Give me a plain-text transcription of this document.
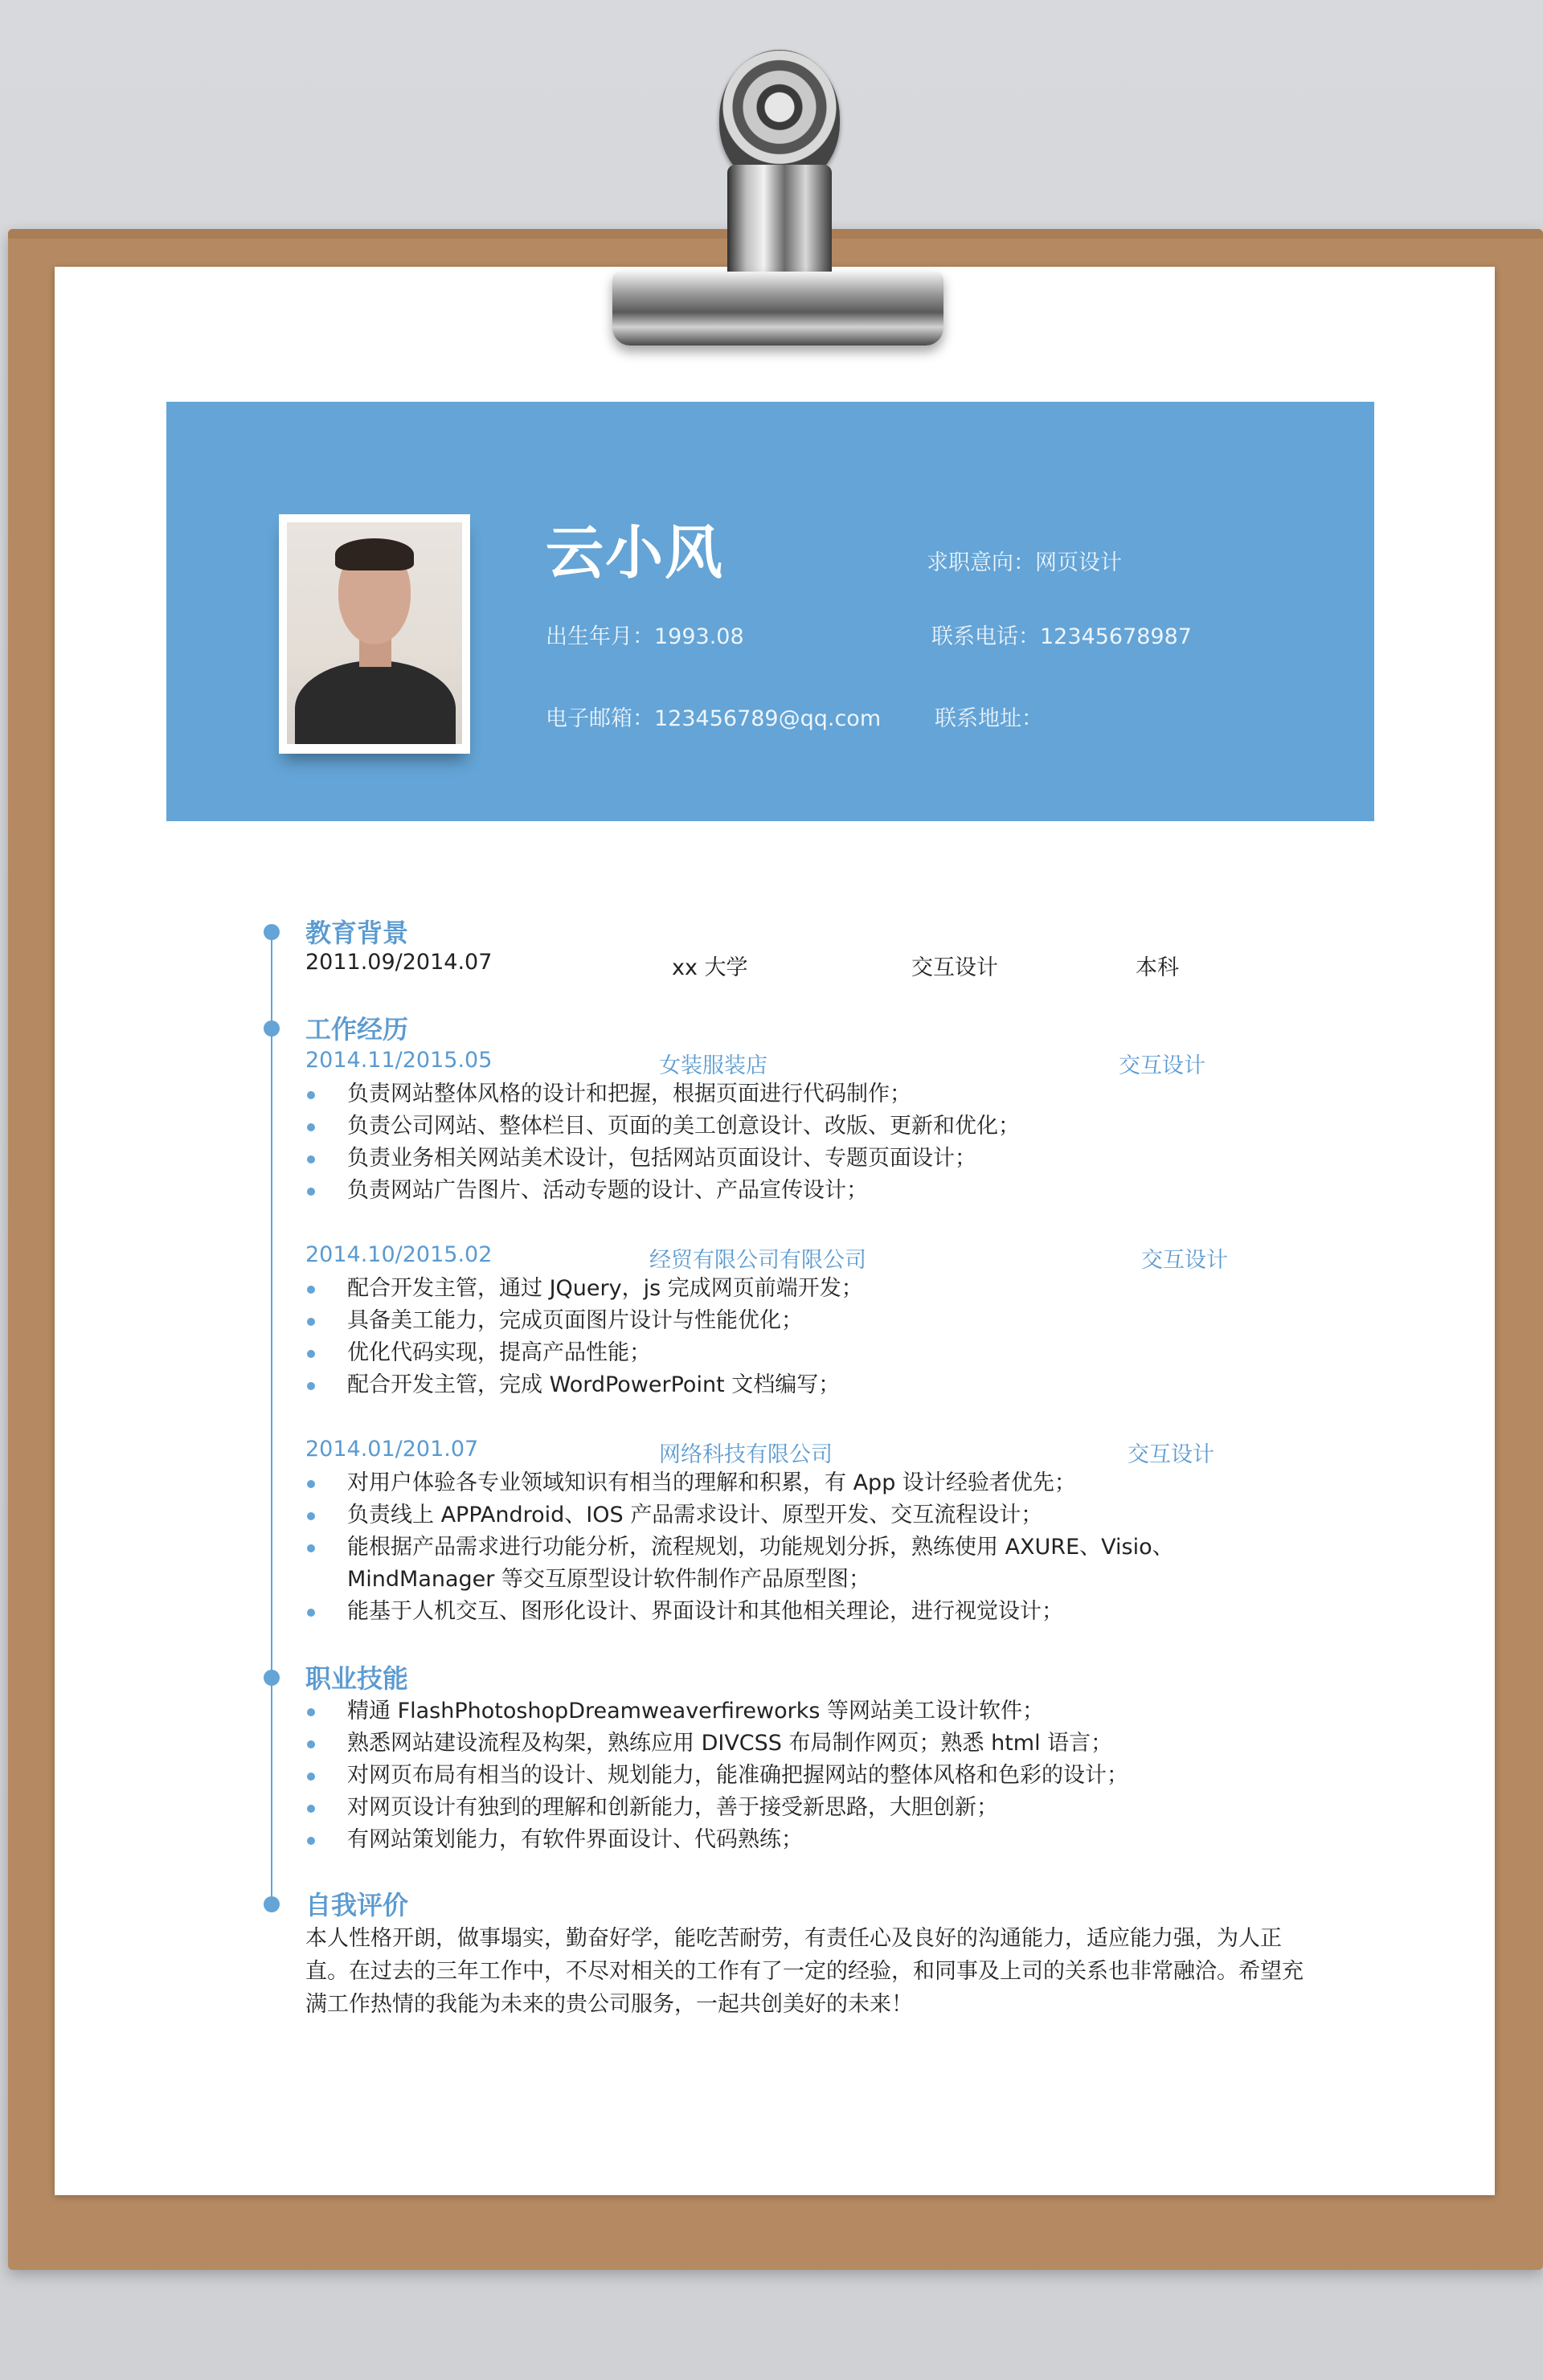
云小风	求职意向：网页设计
出生年月：1993.08	联系电话：12345678987
电子邮箱：123456789@qq.com 联系地址：
教育背景
2011.09/2014.07	xx 大学	交互设计	本科
工作经历
2014.11/2015.05	女装服装店	交互设计
负责网站整体风格的设计和把握，根据页面进行代码制作；
负责公司网站、整体栏目、页面的美工创意设计、改版、更新和优化；
负责业务相关网站美术设计，包括网站页面设计、专题页面设计；
负责网站广告图片、活动专题的设计、产品宣传设计；
2014.10/2015.02	经贸有限公司有限公司	交互设计
配合开发主管，通过 JQuery，js 完成网页前端开发；
具备美工能力，完成页面图片设计与性能优化；
优化代码实现，提高产品性能；
配合开发主管，完成 WordPowerPoint 文档编写；
2014.01/201.07	网络科技有限公司	交互设计
对用户体验各专业领域知识有相当的理解和积累，有 App 设计经验者优先；
负责线上 APPAndroid、IOS 产品需求设计、原型开发、交互流程设计；
能根据产品需求进行功能分析，流程规划，功能规划分拆，熟练使用 AXURE、Visio、MindManager 等交互原型设计软件制作产品原型图；
能基于人机交互、图形化设计、界面设计和其他相关理论，进行视觉设计；
职业技能
精通 FlashPhotoshopDreamweaverfireworks 等网站美工设计软件；
熟悉网站建设流程及构架，熟练应用 DIVCSS 布局制作网页；熟悉 html 语言；
对网页布局有相当的设计、规划能力，能准确把握网站的整体风格和色彩的设计；
对网页设计有独到的理解和创新能力，善于接受新思路，大胆创新；
有网站策划能力，有软件界面设计、代码熟练；
自我评价

本人性格开朗，做事塌实，勤奋好学，能吃苦耐劳，有责任心及良好的沟通能力，适应能力强，为人正直。在过去的三年工作中，不尽对相关的工作有了一定的经验，和同事及上司的关系也非常融洽。希望充满工作热情的我能为未来的贵公司服务，一起共创美好的未来！
